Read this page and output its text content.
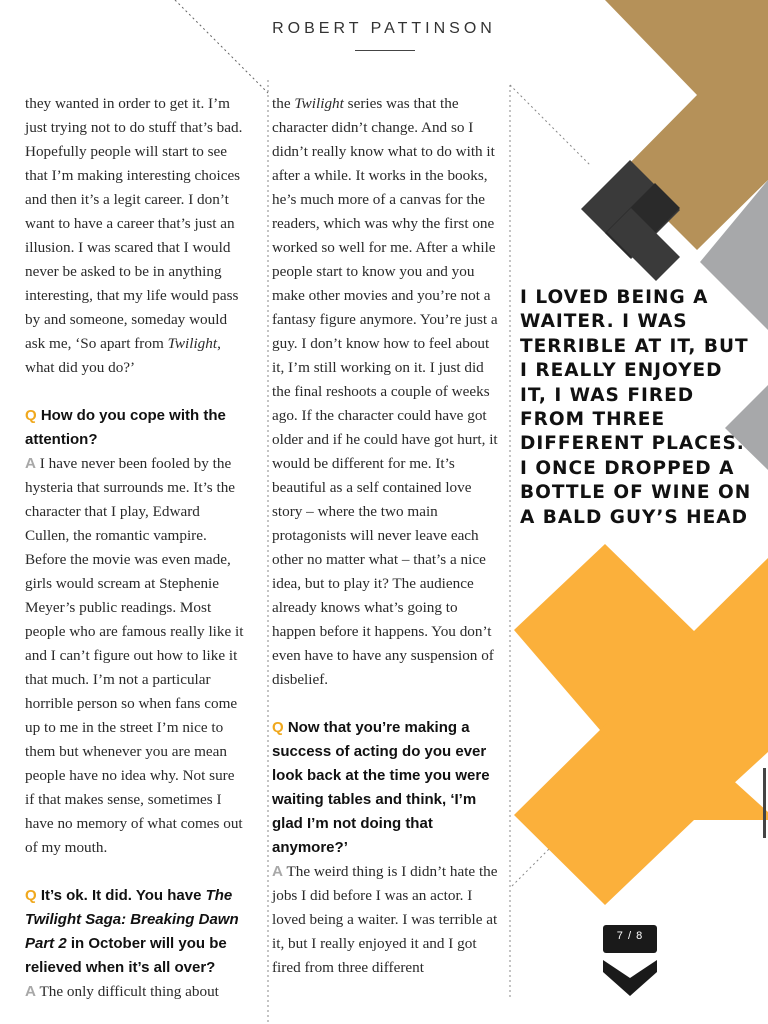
ROBERT PATTINSON

they wanted in order to get it. I’m just trying not to do stuff that’s bad. Hopefully people will start to see that I’m making interesting choices and then it’s a legit career. I don’t want to have a career that’s just an illusion. I was scared that I would never be asked to be in anything interesting, that my life would pass by and someone, someday would ask me, ‘So apart from Twilight, what did you do?’

Q How do you cope with the attention?

A I have never been fooled by the hysteria that surrounds me. It’s the character that I play, Edward Cullen, the romantic vampire. Before the movie was even made, girls would scream at Stephenie Meyer’s public readings. Most people who are famous really like it and I can’t figure out how to like it that much. I’m not a particular horrible person so when fans come up to me in the street I’m nice to them but whenever you are mean people have no idea why. Not sure if that makes sense, sometimes I have no memory of what comes out of my mouth.

Q It’s ok. It did. You have The Twilight Saga: Breaking Dawn Part 2 in October will you be relieved when it’s all over?

A The only difficult thing about

the Twilight series was that the character didn’t change. And so I didn’t really know what to do with it after a while. It works in the books, he’s much more of a canvas for the readers, which was why the first one worked so well for me. After a while people start to know you and you make other movies and you’re not a fantasy figure anymore. You’re just a guy. I don’t know how to feel about it, I’m still working on it. I just did the final reshoots a couple of weeks ago. If the character could have got older and if he could have got hurt, it would be different for me. It’s beautiful as a self contained love story – where the two main protagonists will never leave each other no matter what – that’s a nice idea, but to play it? The audience already knows what’s going to happen before it happens. You don’t even have to have any suspension of disbelief.

Q Now that you’re making a success of acting do you ever look back at the time you were waiting tables and think, ‘I’m glad I’m not doing that anymore?’

A The weird thing is I didn’t hate the jobs I did before I was an actor. I loved being a waiter. I was terrible at it, but I really enjoyed it and I got fired from three different

I LOVED BEING A WAITER. I WAS TERRIBLE AT IT, BUT I REALLY ENJOYED IT, I WAS FIRED FROM THREE DIFFERENT PLACES. I ONCE DROPPED A BOTTLE OF WINE ON A BALD GUY’S HEAD
7 / 8
